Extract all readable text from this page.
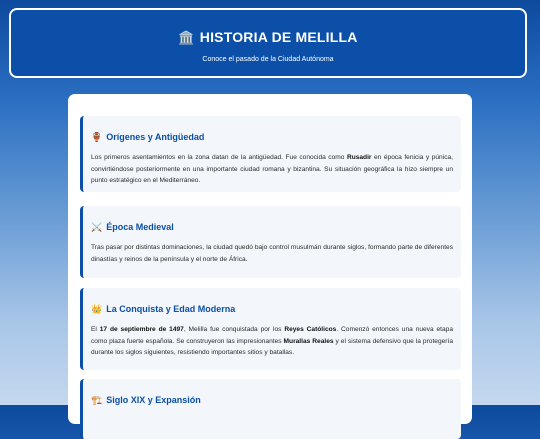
🏛️ HISTORIA DE MELILLA

Conoce el pasado de la Ciudad Autónoma

🏺 Orígenes y Antigüedad

Los primeros asentamientos en la zona datan de la antigüedad. Fue conocida como Rusadir en época fenicia y púnica, convirtiéndose posteriormente en una importante ciudad romana y bizantina. Su situación geográfica la hizo siempre un punto estratégico en el Mediterráneo.

⚔️ Época Medieval

Tras pasar por distintas dominaciones, la ciudad quedó bajo control musulmán durante siglos, formando parte de diferentes dinastías y reinos de la península y el norte de África.

👑 La Conquista y Edad Moderna

El 17 de septiembre de 1497, Melilla fue conquistada por los Reyes Católicos. Comenzó entonces una nueva etapa como plaza fuerte española. Se construyeron las impresionantes Murallas Reales y el sistema defensivo que la protegería durante los siglos siguientes, resistiendo importantes sitios y batallas.

🏗️ Siglo XIX y Expansión
